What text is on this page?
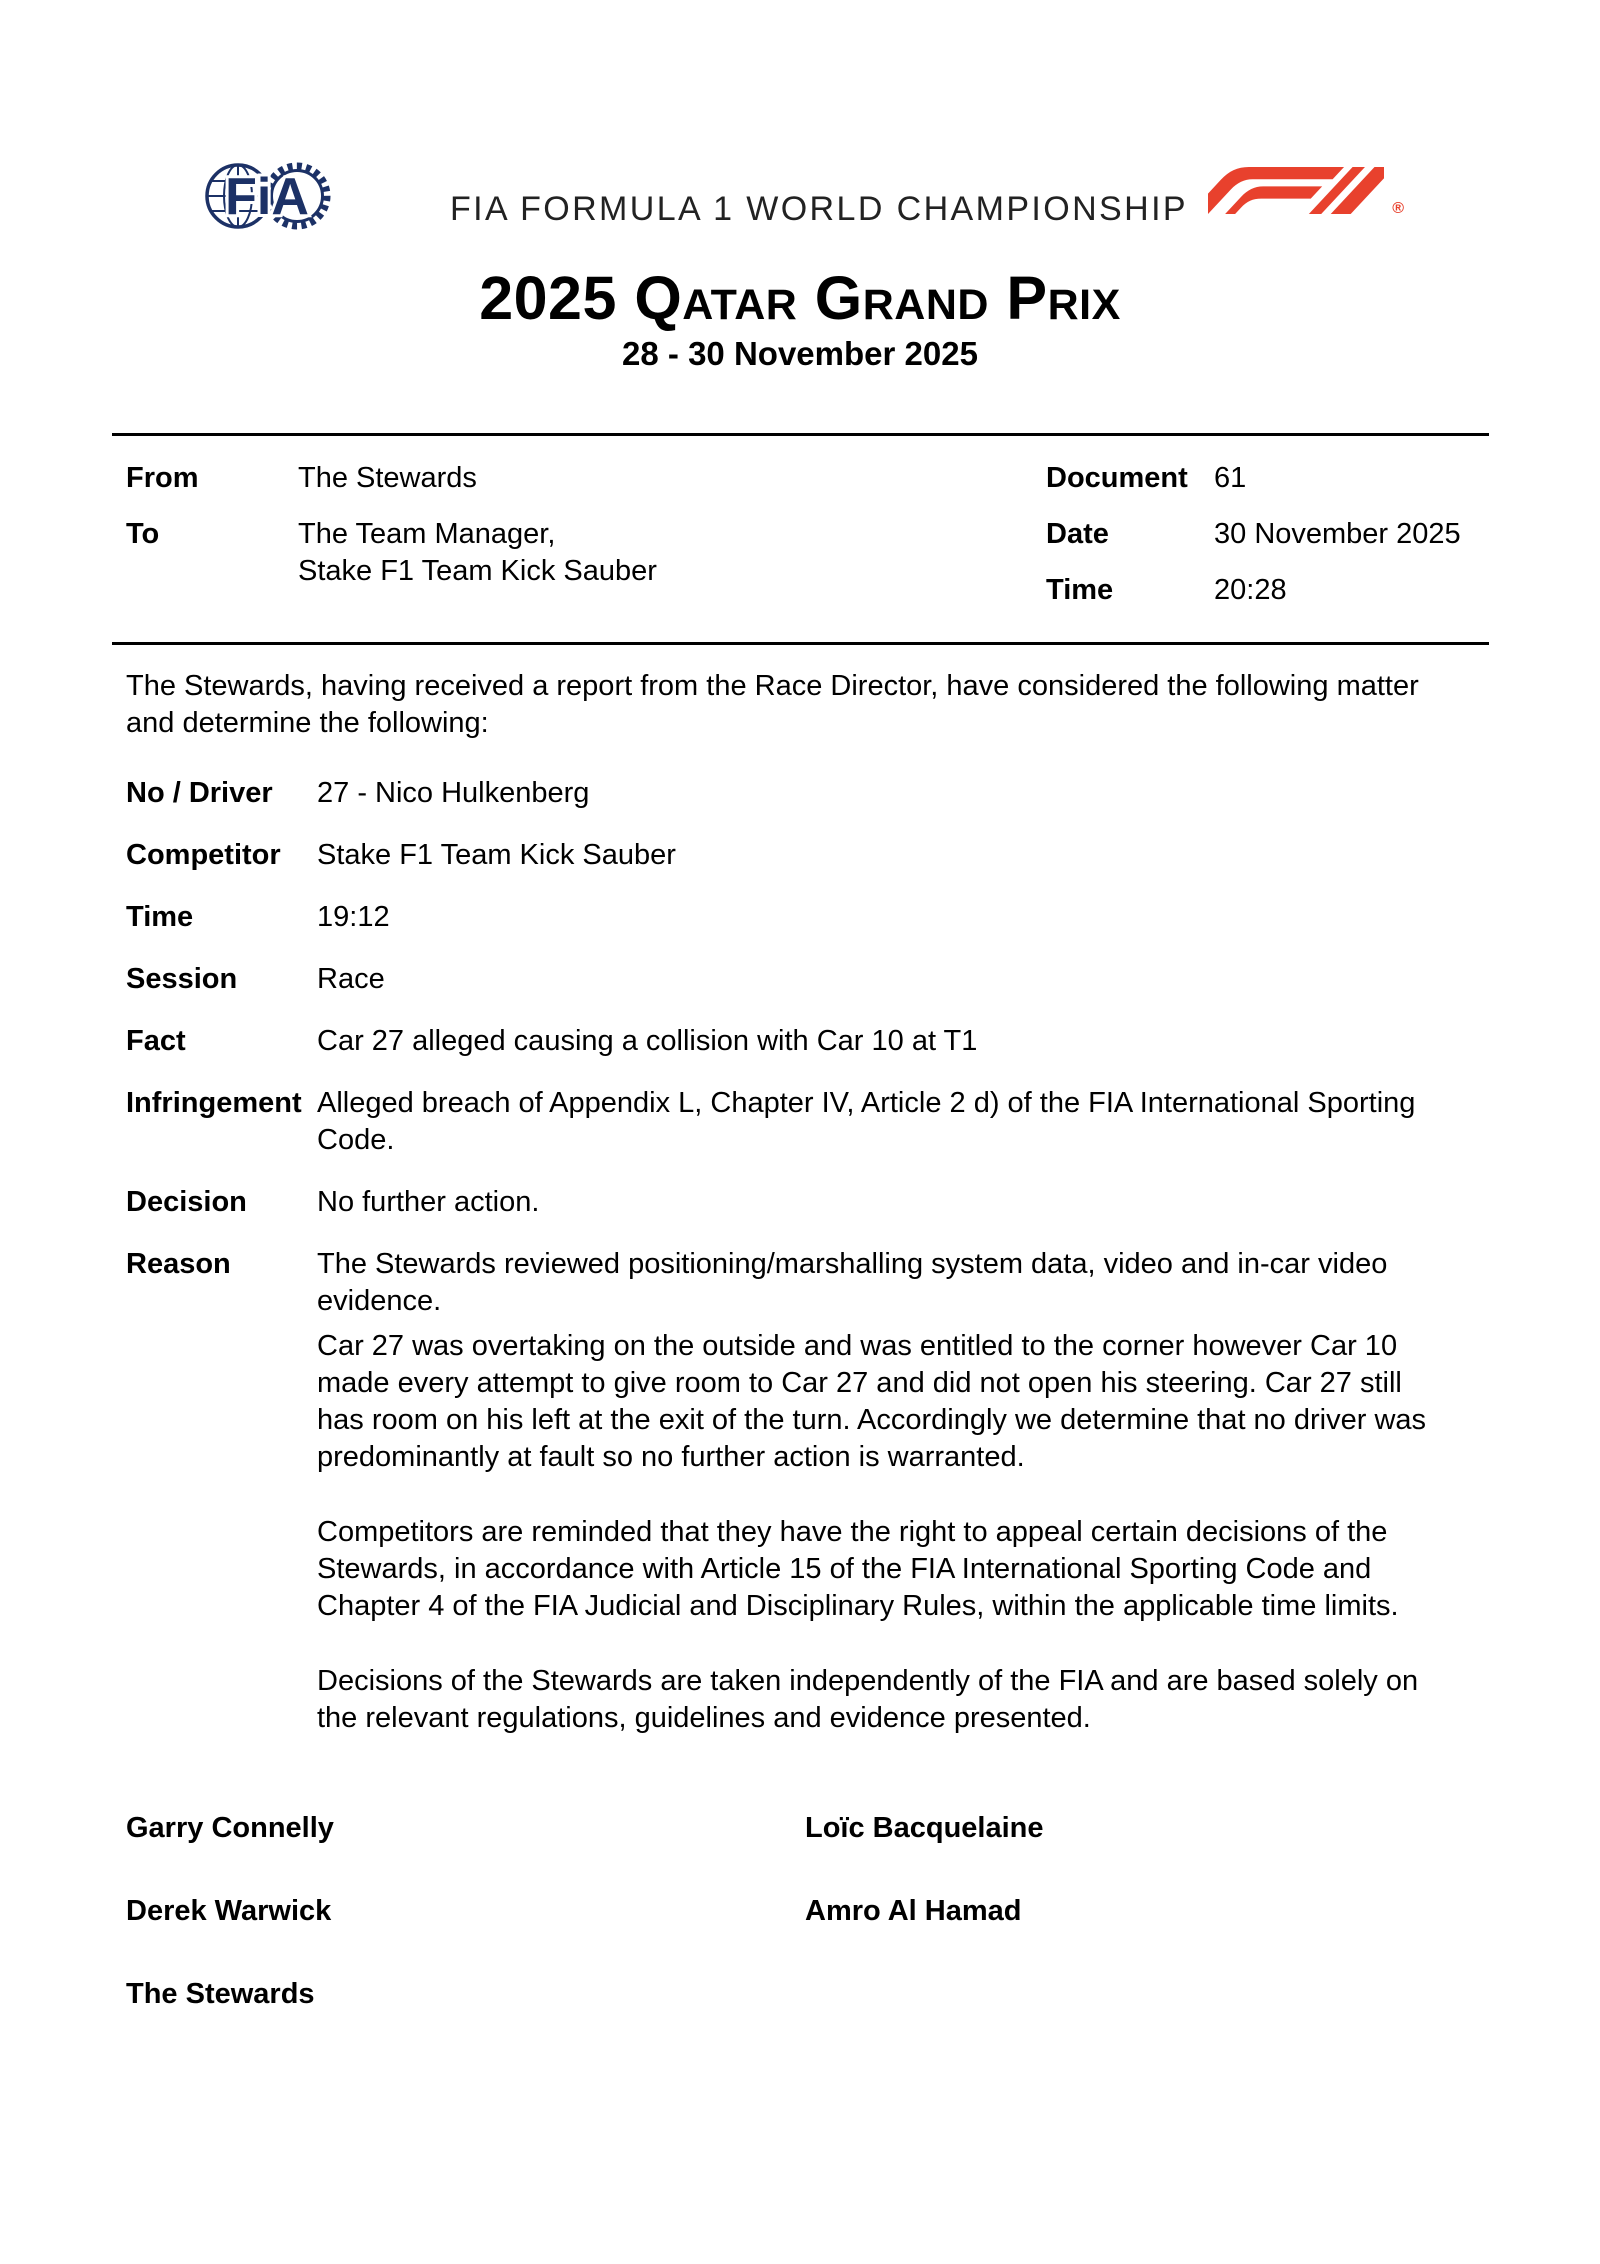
FiA	FIA FORMULA 1 WORLD CHAMPIONSHIP	®
2025 Qatar Grand Prix
28 - 30 November 2025
From	The Stewards
To	The Team Manager,
Stake F1 Team Kick Sauber
Document 61
Date	30 November 2025
Time	20:28

The Stewards, having received a report from the Race Director, have considered the following matter and determine the following:

No / Driver	27 - Nico Hulkenberg
Competitor	Stake F1 Team Kick Sauber
Time	19:12
Session	Race
Fact	Car 27 alleged causing a collision with Car 10 at T1
Infringement Alleged breach of Appendix L, Chapter IV, Article 2 d) of the FIA International Sporting Code.
Decision	No further action.
Reason	The Stewards reviewed positioning/marshalling system data, video and in-car video evidence.

Car 27 was overtaking on the outside and was entitled to the corner however Car 10 made every attempt to give room to Car 27 and did not open his steering. Car 27 still has room on his left at the exit of the turn. Accordingly we determine that no driver was predominantly at fault so no further action is warranted.

Competitors are reminded that they have the right to appeal certain decisions of the Stewards, in accordance with Article 15 of the FIA International Sporting Code and Chapter 4 of the FIA Judicial and Disciplinary Rules, within the applicable time limits.

Decisions of the Stewards are taken independently of the FIA and are based solely on the relevant regulations, guidelines and evidence presented.

Garry Connelly	Loïc Bacquelaine
Derek Warwick	Amro Al Hamad
The Stewards
